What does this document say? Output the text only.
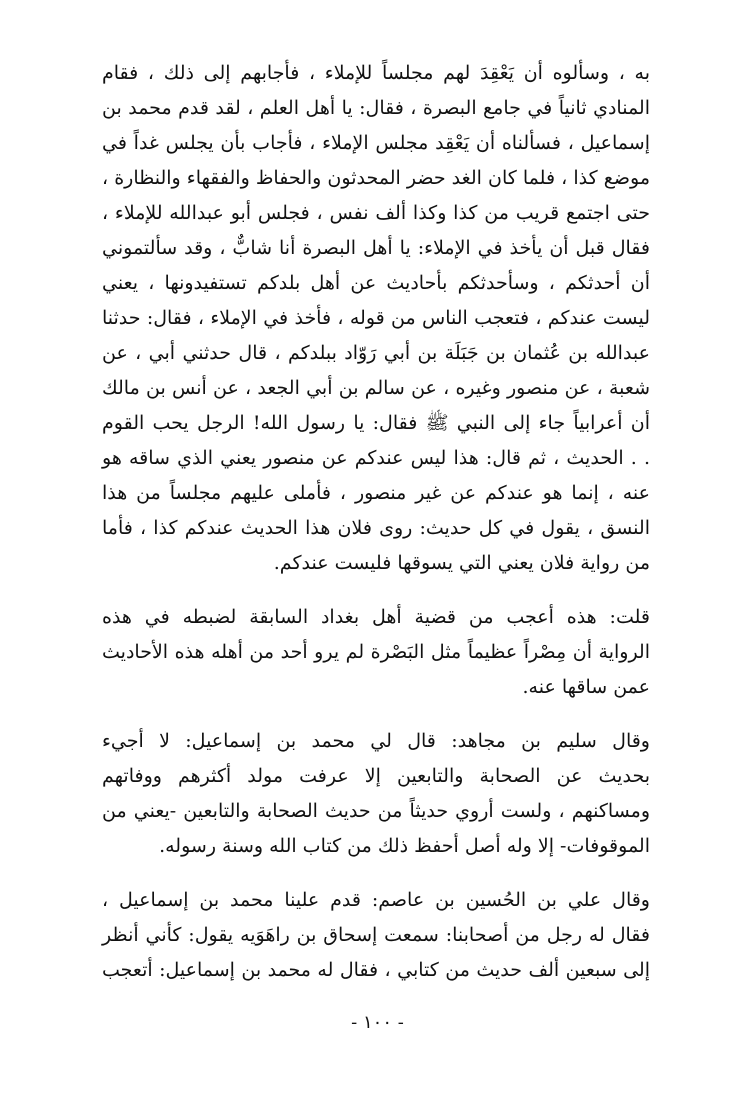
به ، وسألوه أن يَعْقِدَ لهم مجلساً للإملاء ، فأجابهم إلى ذلك ، فقام
المنادي ثانياً في جامع البصرة ، فقال: يا أهل العلم ، لقد قدم محمد بن
إسماعيل ، فسألناه أن يَعْقِد مجلس الإملاء ، فأجاب بأن يجلس غداً في
موضع كذا ، فلما كان الغد حضر المحدثون والحفاظ والفقهاء والنظارة ،
حتى اجتمع قريب من كذا وكذا ألف نفس ، فجلس أبو عبدالله للإملاء ،
فقال قبل أن يأخذ في الإملاء: يا أهل البصرة أنا شابٌّ ، وقد سألتموني
أن أحدثكم ، وسأحدثكم بأحاديث عن أهل بلدكم تستفيدونها ، يعني
ليست عندكم ، فتعجب الناس من قوله ، فأخذ في الإملاء ، فقال: حدثنا
عبدالله بن عُثمان بن جَبَلَة بن أبي رَوّاد ببلدكم ، قال حدثني أبي ، عن
شعبة ، عن منصور وغيره ، عن سالم بن أبي الجعد ، عن أنس بن مالك
أن أعرابياً جاء إلى النبي ﷺ فقال: يا رسول الله! الرجل يحب القوم
. . الحديث ، ثم قال: هذا ليس عندكم عن منصور يعني الذي ساقه هو
عنه ، إنما هو عندكم عن غير منصور ، فأملى عليهم مجلساً من هذا
النسق ، يقول في كل حديث: روى فلان هذا الحديث عندكم كذا ، فأما
من رواية فلان يعني التي يسوقها فليست عندكم.
قلت: هذه أعجب من قضية أهل بغداد السابقة لضبطه في هذه
الرواية أن مِصْراً عظيماً مثل البَصْرة لم يرو أحد من أهله هذه الأحاديث
عمن ساقها عنه.
وقال سليم بن مجاهد: قال لي محمد بن إسماعيل: لا أجيء
بحديث عن الصحابة والتابعين إلا عرفت مولد أكثرهم ووفاتهم
ومساكنهم ، ولست أروي حديثاً من حديث الصحابة والتابعين -يعني من
الموقوفات- إلا وله أصل أحفظ ذلك من كتاب الله وسنة رسوله.
وقال علي بن الحُسين بن عاصم: قدم علينا محمد بن إسماعيل ،
فقال له رجل من أصحابنا: سمعت إسحاق بن راهَوَيه يقول: كأني أنظر
إلى سبعين ألف حديث من كتابي ، فقال له محمد بن إسماعيل: أتعجب
- ١٠٠ -
